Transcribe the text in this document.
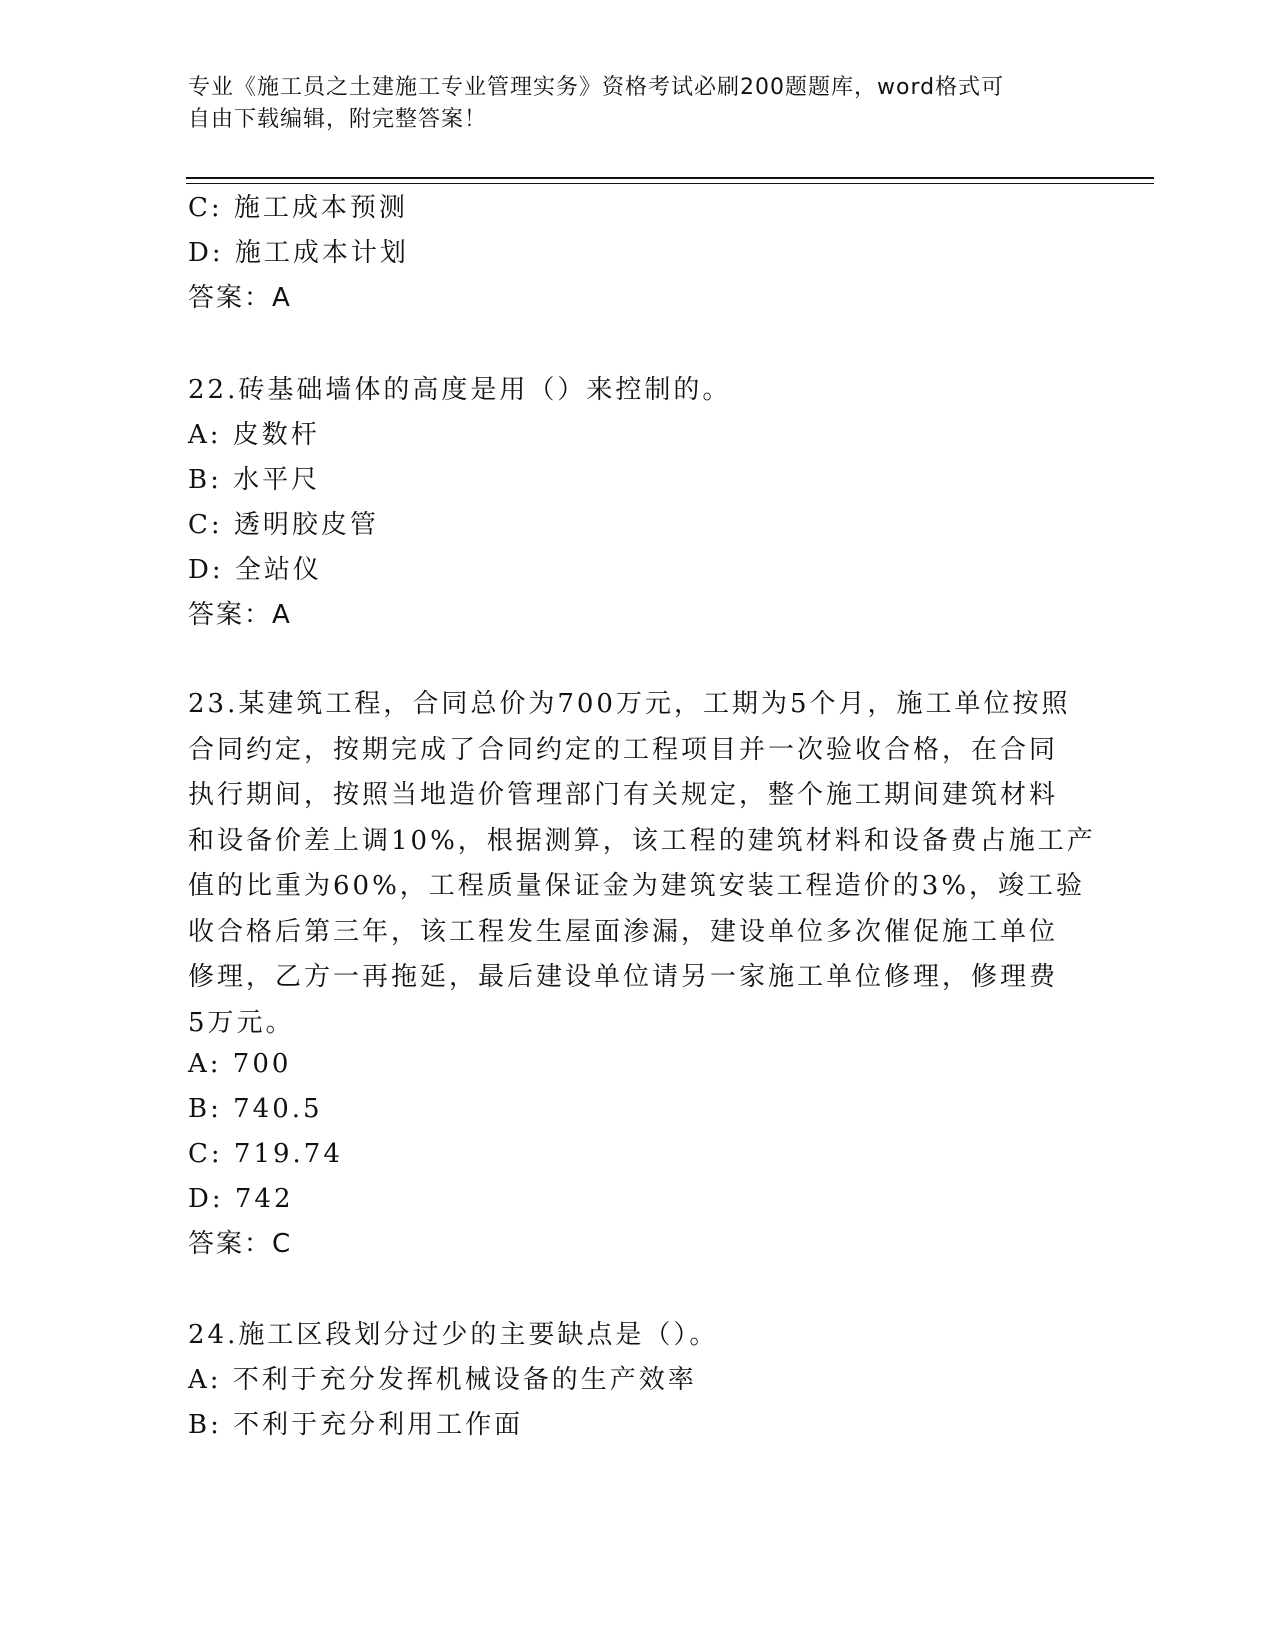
专业《施工员之土建施工专业管理实务》资格考试必刷200题题库，word格式可
自由下载编辑，附完整答案！
C: 施工成本预测
D: 施工成本计划
答案：A
22.砖基础墙体的高度是用（）来控制的。
A: 皮数杆
B: 水平尺
C: 透明胶皮管
D: 全站仪
答案：A
23.某建筑工程，合同总价为700万元，工期为5个月，施工单位按照
合同约定，按期完成了合同约定的工程项目并一次验收合格，在合同
执行期间，按照当地造价管理部门有关规定，整个施工期间建筑材料
和设备价差上调10%，根据测算，该工程的建筑材料和设备费占施工产
值的比重为60%，工程质量保证金为建筑安装工程造价的3%，竣工验
收合格后第三年，该工程发生屋面渗漏，建设单位多次催促施工单位
修理，乙方一再拖延，最后建设单位请另一家施工单位修理，修理费
5万元。
A: 700
B: 740.5
C: 719.74
D: 742
答案：C
24.施工区段划分过少的主要缺点是（）。
A: 不利于充分发挥机械设备的生产效率
B: 不利于充分利用工作面
